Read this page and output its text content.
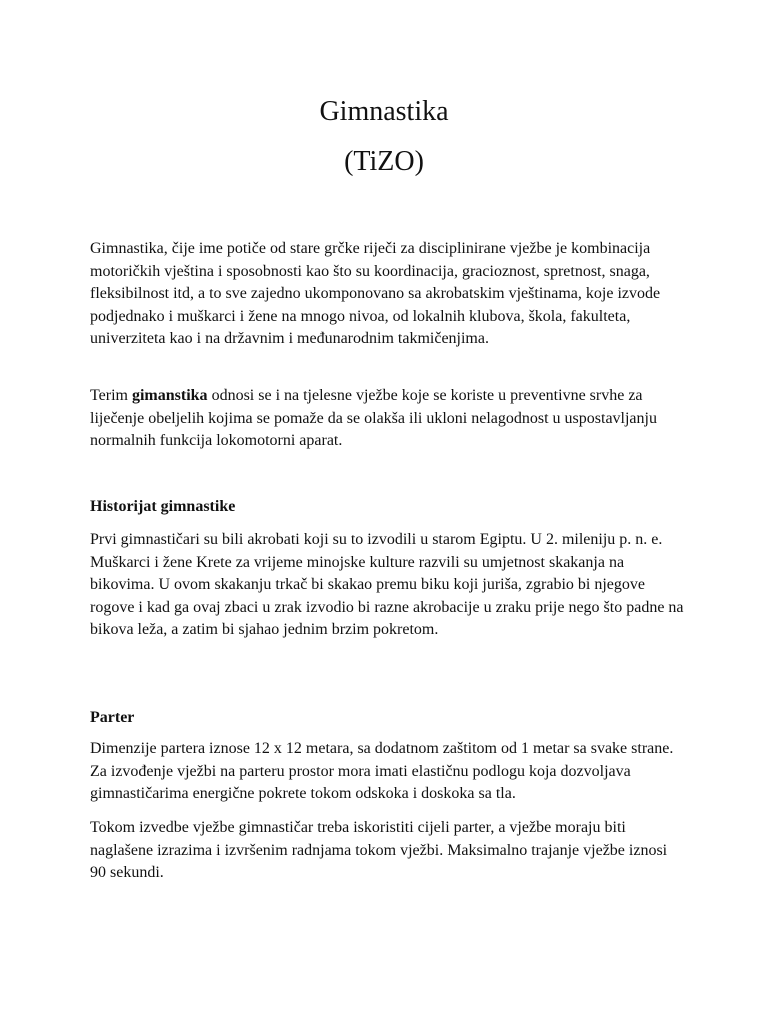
Gimnastika
(TiZO)

Gimnastika, čije ime potiče od stare grčke riječi za disciplinirane vježbe je kombinacija motoričkih vještina i sposobnosti kao što su koordinacija, gracioznost, spretnost, snaga, fleksibilnost itd, a to sve zajedno ukomponovano sa akrobatskim vještinama, koje izvode podjednako i muškarci i žene na mnogo nivoa, od lokalnih klubova, škola, fakulteta, univerziteta kao i na državnim i međunarodnim takmičenjima.

Terim gimanstika odnosi se i na tjelesne vježbe koje se koriste u preventivne srvhe za liječenje obeljelih kojima se pomaže da se olakša ili ukloni nelagodnost u uspostavljanju normalnih funkcija lokomotorni aparat.

Historijat gimnastike

Prvi gimnastičari su bili akrobati koji su to izvodili u starom Egiptu. U 2. mileniju p. n. e. Muškarci i žene Krete za vrijeme minojske kulture razvili su umjetnost skakanja na bikovima. U ovom skakanju trkač bi skakao premu biku koji juriša, zgrabio bi njegove rogove i kad ga ovaj zbaci u zrak izvodio bi razne akrobacije u zraku prije nego što padne na bikova leža, a zatim bi sjahao jednim brzim pokretom.

Parter

Dimenzije partera iznose 12 x 12 metara, sa dodatnom zaštitom od 1 metar sa svake strane. Za izvođenje vježbi na parteru prostor mora imati elastičnu podlogu koja dozvoljava gimnastičarima energične pokrete tokom odskoka i doskoka sa tla.

Tokom izvedbe vježbe gimnastičar treba iskoristiti cijeli parter, a vježbe moraju biti naglašene izrazima i izvršenim radnjama tokom vježbi. Maksimalno trajanje vježbe iznosi 90 sekundi.
